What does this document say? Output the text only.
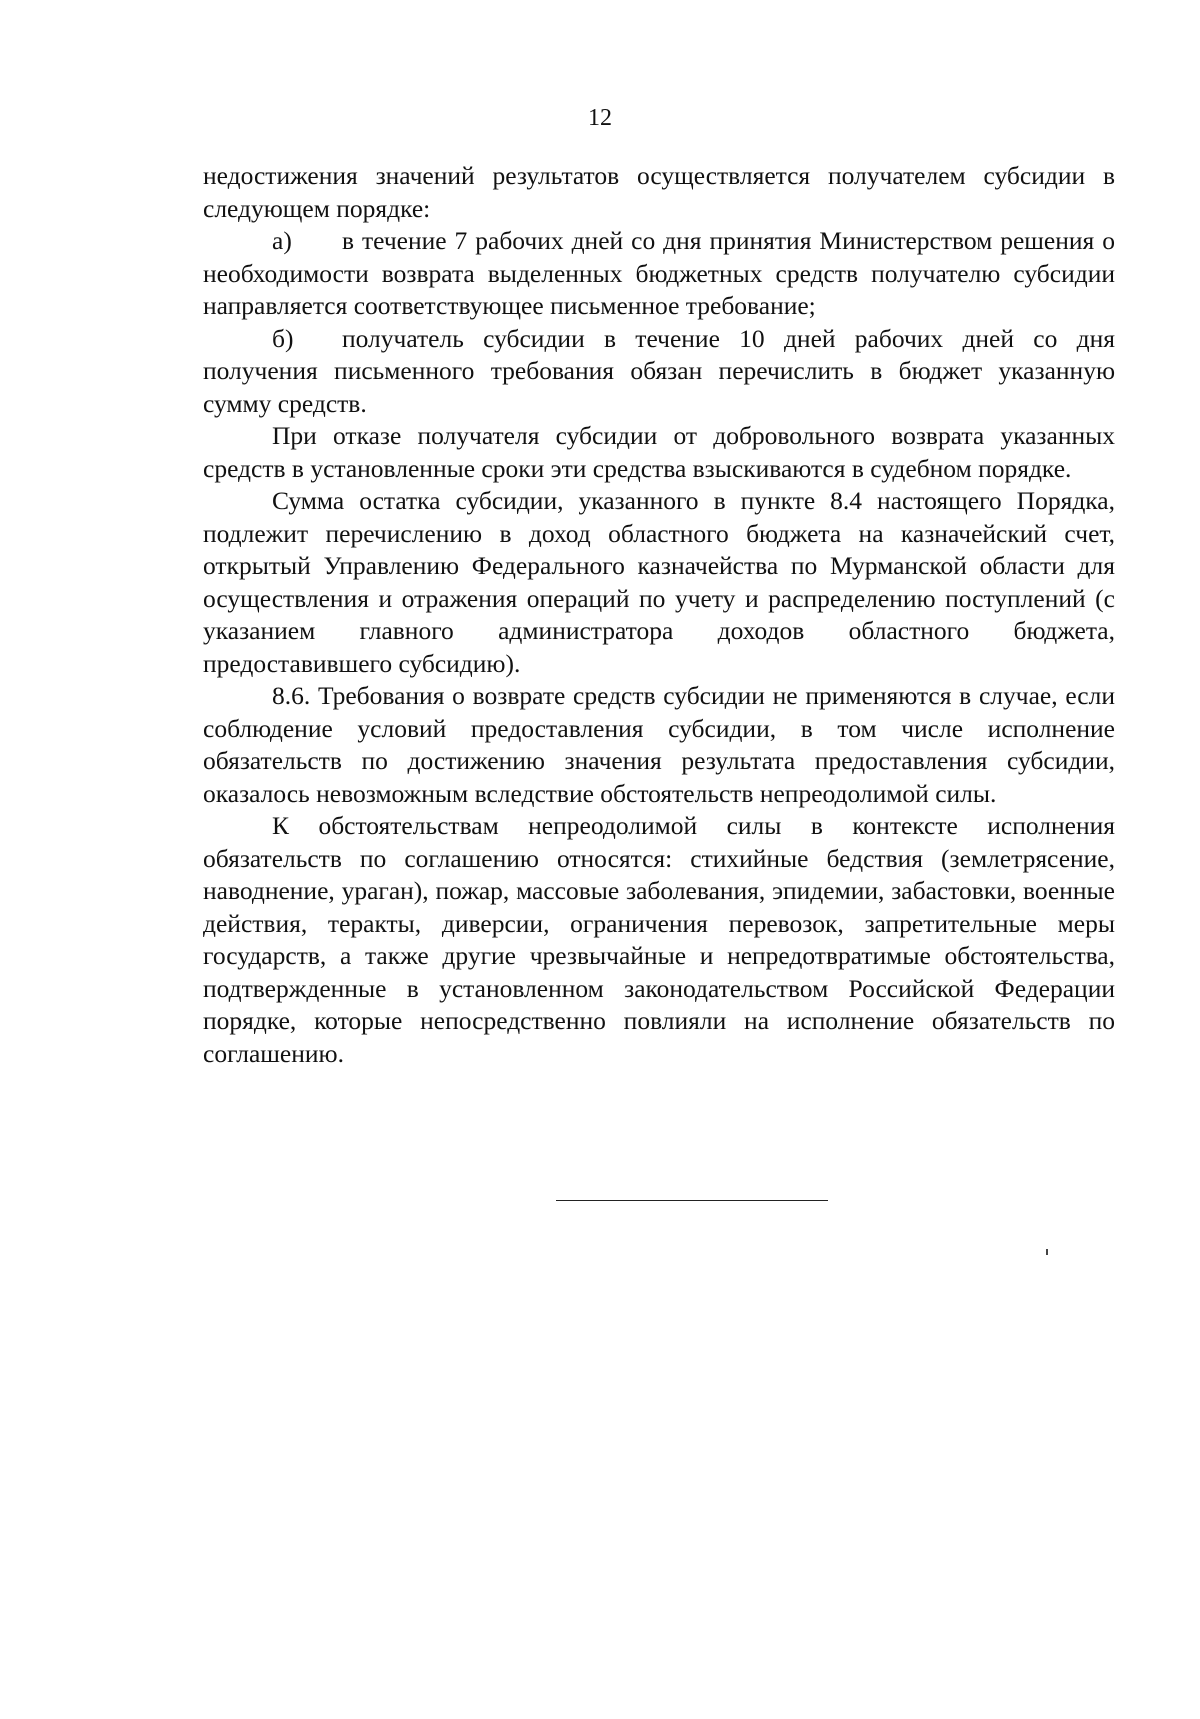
12

недостижения значений результатов осуществляется получателем субсидии в следующем порядке:

а) в течение 7 рабочих дней со дня принятия Министерством решения о необходимости возврата выделенных бюджетных средств получателю субсидии направляется соответствующее письменное требование;

б) получатель субсидии в течение 10 дней рабочих дней со дня получения письменного требования обязан перечислить в бюджет указанную сумму средств.

При отказе получателя субсидии от добровольного возврата указанных средств в установленные сроки эти средства взыскиваются в судебном порядке.

Сумма остатка субсидии, указанного в пункте 8.4 настоящего Порядка, подлежит перечислению в доход областного бюджета на казначейский счет, открытый Управлению Федерального казначейства по Мурманской области для осуществления и отражения операций по учету и распределению поступлений (с указанием главного администратора доходов областного бюджета, предоставившего субсидию).

8.6. Требования о возврате средств субсидии не применяются в случае, если соблюдение условий предоставления субсидии, в том числе исполнение обязательств по достижению значения результата предоставления субсидии, оказалось невозможным вследствие обстоятельств непреодолимой силы.

К обстоятельствам непреодолимой силы в контексте исполнения обязательств по соглашению относятся: стихийные бедствия (землетрясение, наводнение, ураган), пожар, массовые заболевания, эпидемии, забастовки, военные действия, теракты, диверсии, ограничения перевозок, запретительные меры государств, а также другие чрезвычайные и непредотвратимые обстоятельства, подтвержденные в установленном законодательством Российской Федерации порядке, которые непосредственно повлияли на исполнение обязательств по соглашению.
